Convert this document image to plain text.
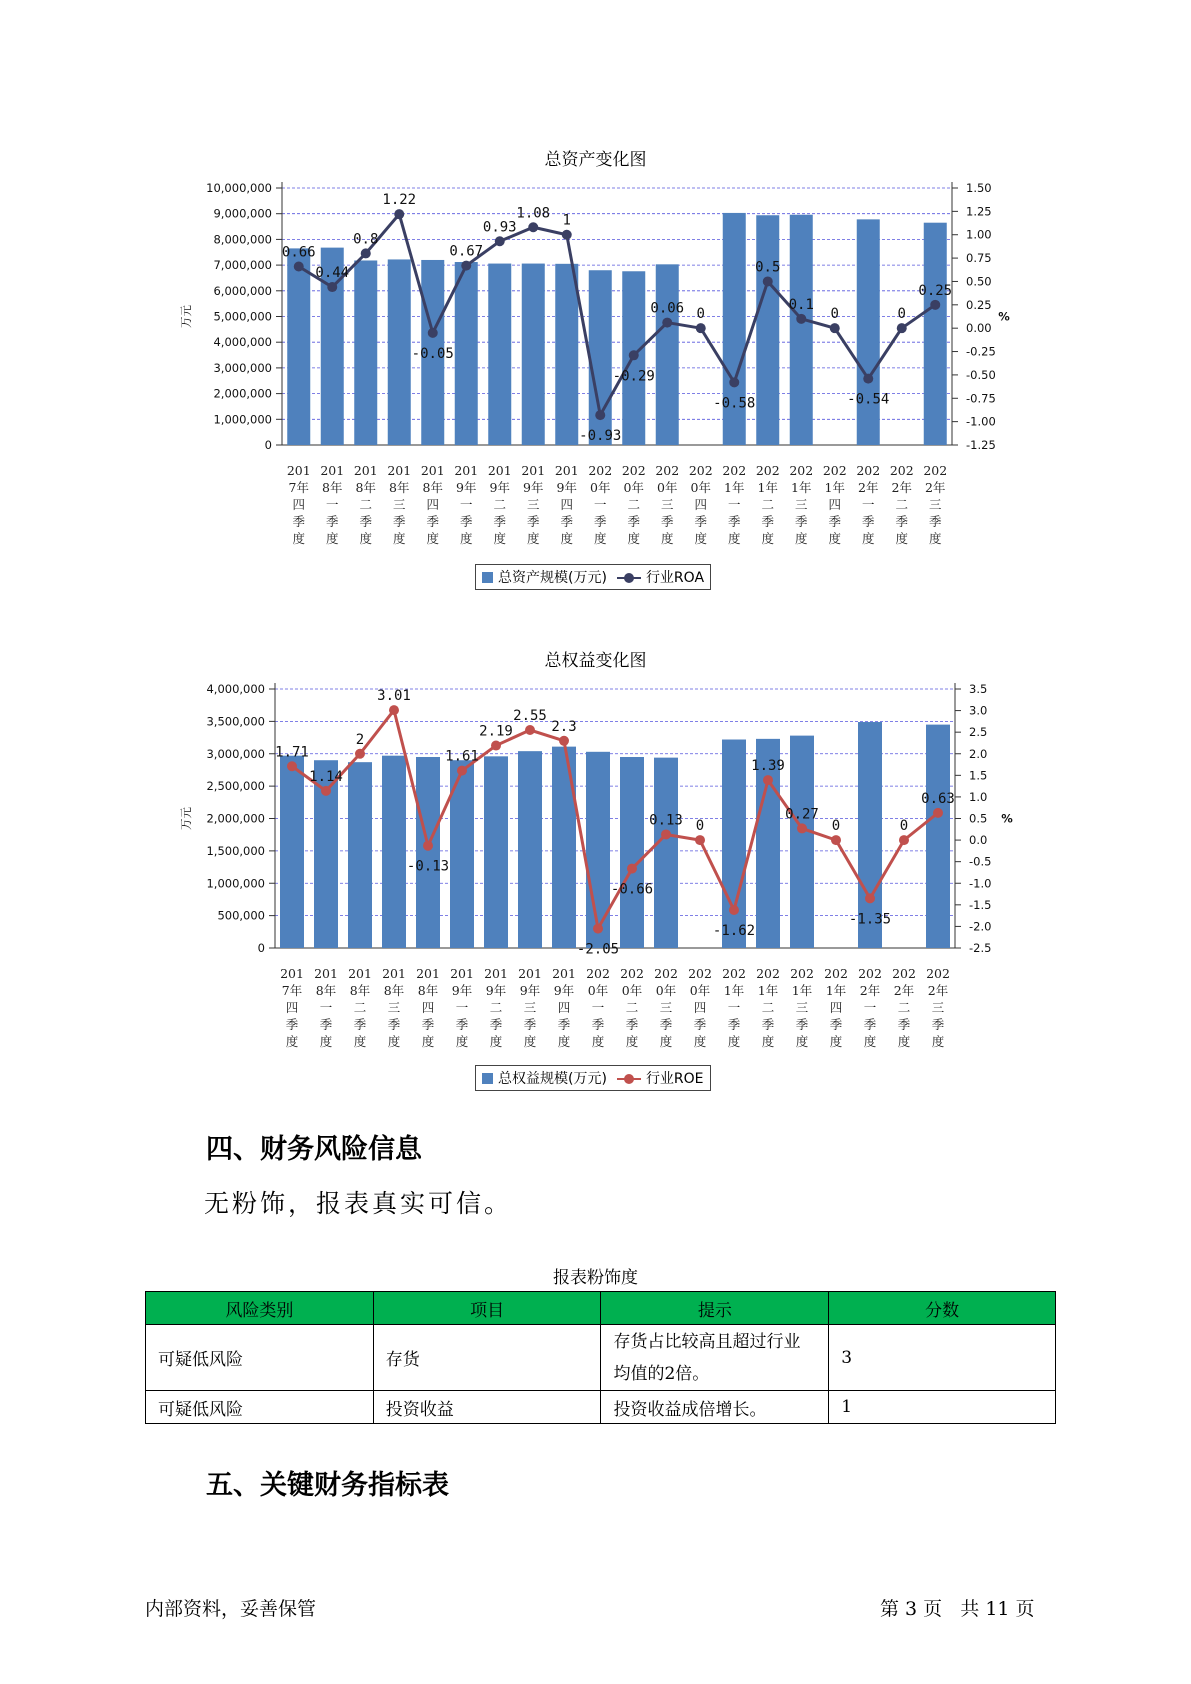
总资产变化图
0
1,000,000
2,000,000
3,000,000
4,000,000
5,000,000
6,000,000
7,000,000
8,000,000
9,000,000
10,000,000	1.50
1.25
1.00
0.75
0.50
0.25
0.00
-0.25
-0.50
-0.75
-1.00
-1.25
万元	%
0.66
0.44
0.8
1.22
-0.05
0.67
0.93
1.08 1
-0.93
-0.29
0.06 0
-0.58
0.5
0.1
0
-0.54
0
0.25
201
7年
四
季
度
201
8年
一
季
度
201
8年
二
季
度
201
8年
三
季
度
201
8年
四
季
度
201
9年
一
季
度
201
9年
二
季
度
201
9年
三
季
度
201
9年
四
季
度
202
0年
一
季
度
202
0年
二
季
度
202
0年
三
季
度
202
0年
四
季
度
202
1年
一
季
度
202
1年
二
季
度
202
1年
三
季
度
202
1年
四
季
度
202
2年
一
季
度
202
2年
二
季
度
202
2年
三
季
度
总资产规模(万元)	行业ROA
总权益变化图
0
500,000
1,000,000
1,500,000
2,000,000
2,500,000
3,000,000
3,500,000
4,000,000	3.5
3.0
2.5
2.0
1.5
1.0
0.5
0.0
-0.5
-1.0
-1.5
-2.0
-2.5
万元	%
1.71
1.14
2
3.01
-0.13
1.61
2.19
2.55
2.3
-2.05
-0.66
0.13 0
-1.62
1.39
0.27
0
-1.35
0
0.63
201
7年
四
季
度
201
8年
一
季
度
201
8年
二
季
度
201
8年
三
季
度
201
8年
四
季
度
201
9年
一
季
度
201
9年
二
季
度
201
9年
三
季
度
201
9年
四
季
度
202
0年
一
季
度
202
0年
二
季
度
202
0年
三
季
度
202
0年
四
季
度
202
1年
一
季
度
202
1年
二
季
度
202
1年
三
季
度
202
1年
四
季
度
202
2年
一
季
度
202
2年
二
季
度
202
2年
三
季
度
总权益规模(万元)	行业ROE
四、财务风险信息
无粉饰，报表真实可信。
报表粉饰度
风险类别	项目	提示	分数
可疑低风险	存货	存货占比较高且超过行业均值的2倍。	3
可疑低风险	投资收益	投资收益成倍增长。	1
五、关键财务指标表
内部资料，妥善保管	第 3 页   共 11 页
